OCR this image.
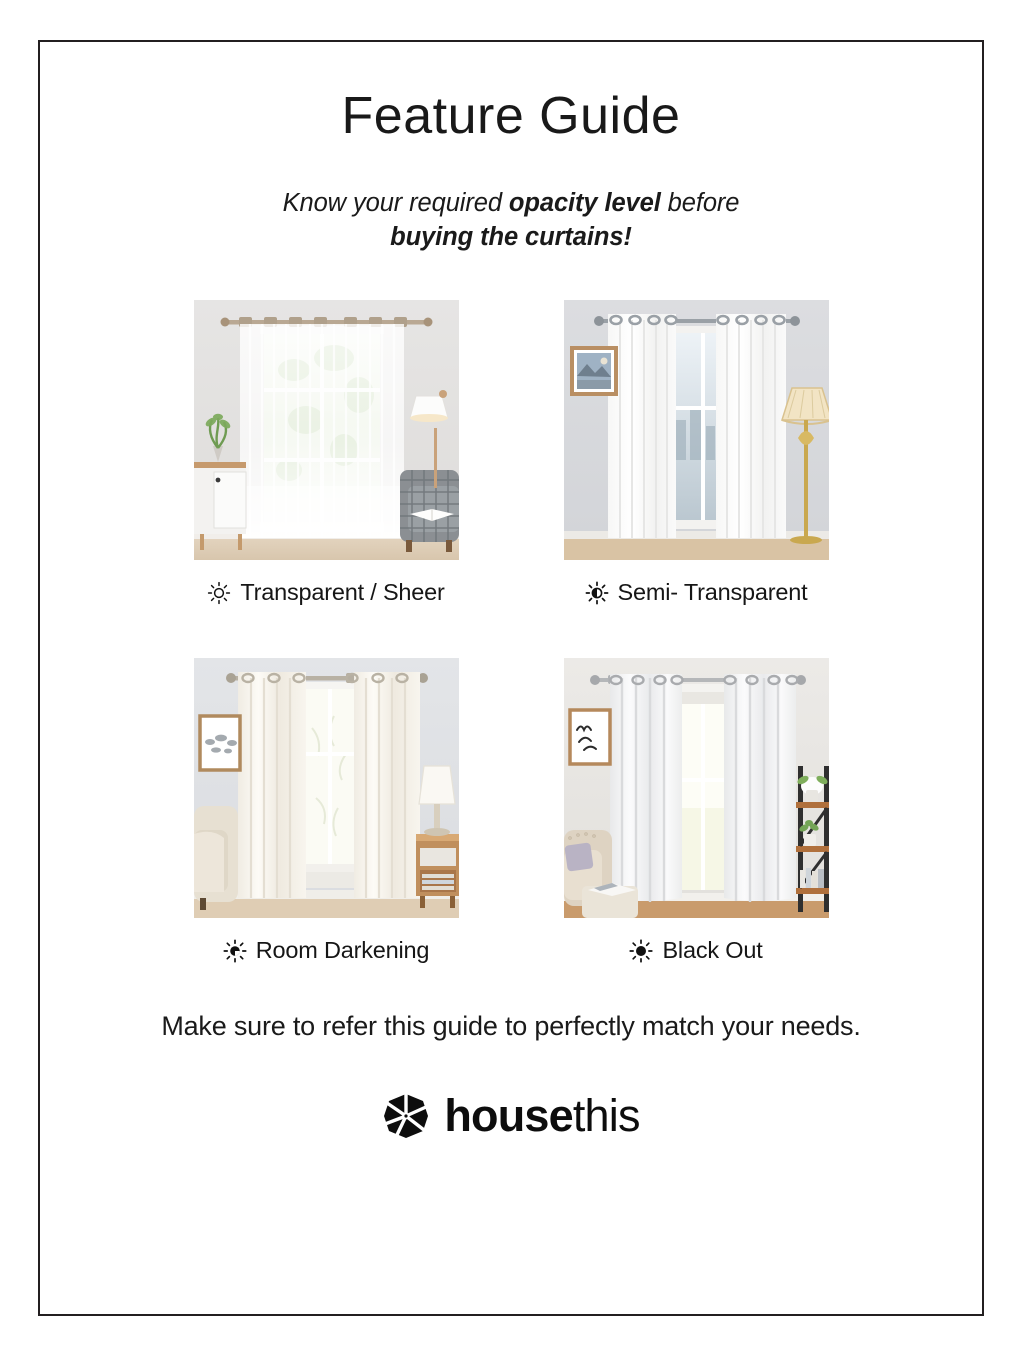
Feature Guide
Know your required opacity level before
buying the curtains!
Transparent / Sheer	Semi- Transparent
Room Darkening	Black Out
Make sure to refer this guide to perfectly match your needs.
housethis
